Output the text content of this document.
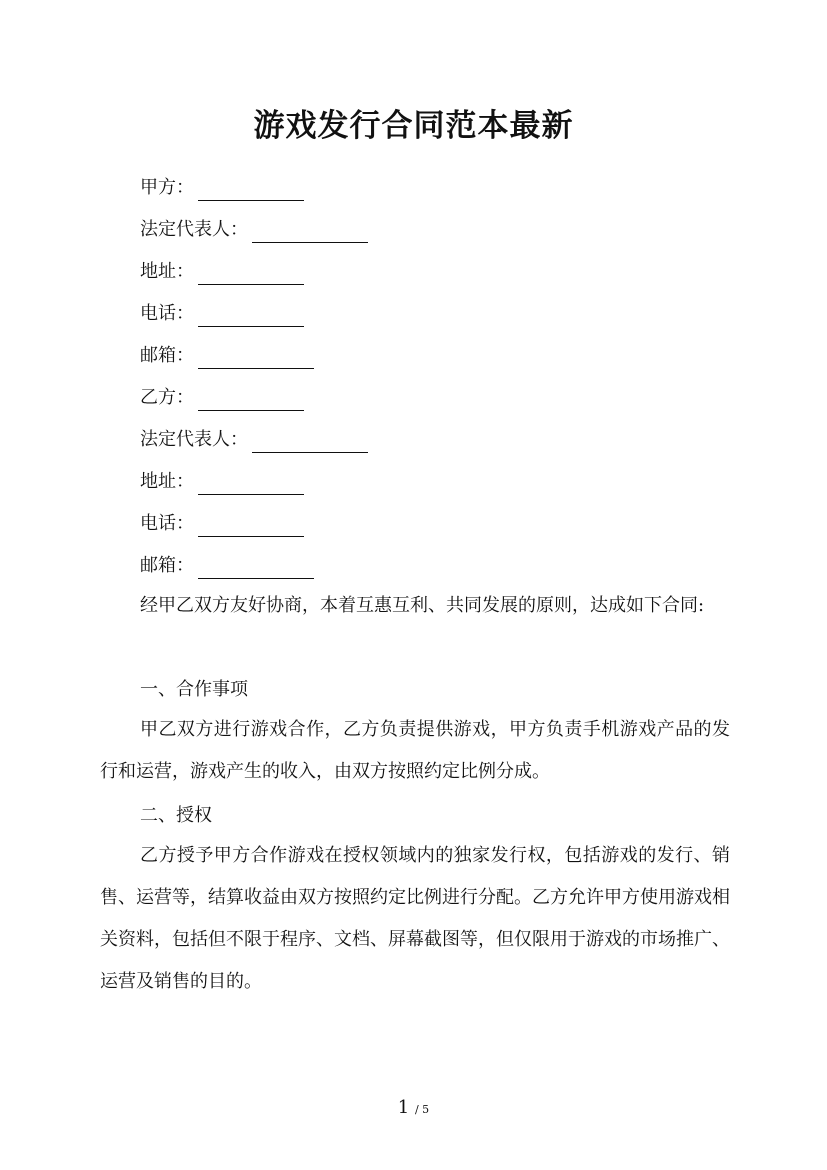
游戏发行合同范本最新
甲方：
法定代表人：
地址：
电话：
邮箱：
乙方：
法定代表人：
地址：
电话：
邮箱：
经甲乙双方友好协商，本着互惠互利、共同发展的原则，达成如下合同:
一、合作事项
甲乙双方进行游戏合作，乙方负责提供游戏，甲方负责手机游戏产品的发行和运营，游戏产生的收入，由双方按照约定比例分成。
二、授权
乙方授予甲方合作游戏在授权领域内的独家发行权，包括游戏的发行、销售、运营等，结算收益由双方按照约定比例进行分配。乙方允许甲方使用游戏相关资料，包括但不限于程序、文档、屏幕截图等，但仅限用于游戏的市场推广、运营及销售的目的。
1 / 5
